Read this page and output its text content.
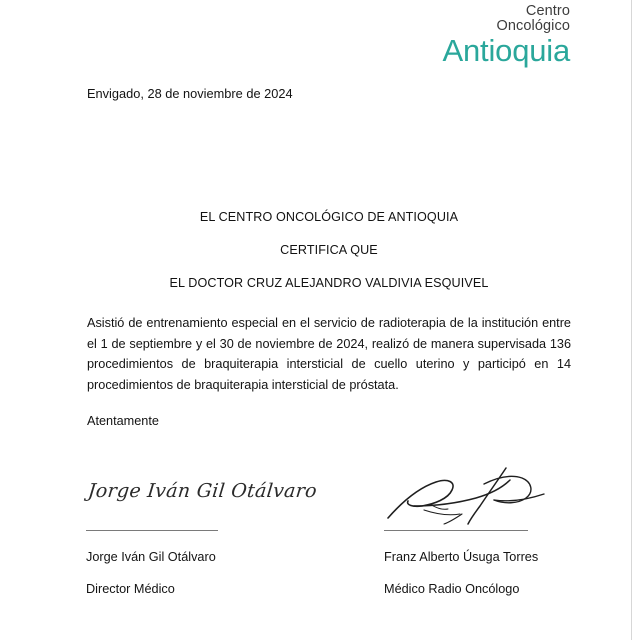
Centro
Oncológico
Antioquia
Envigado, 28 de noviembre de 2024
EL CENTRO ONCOLÓGICO DE ANTIOQUIA
CERTIFICA QUE
EL DOCTOR CRUZ ALEJANDRO VALDIVIA ESQUIVEL
Asistió de entrenamiento especial en el servicio de radioterapia de la institución entre el 1 de septiembre y el 30 de noviembre de 2024, realizó de manera supervisada 136 procedimientos de braquiterapia intersticial de cuello uterino y participó en 14 procedimientos de braquiterapia intersticial de próstata.
Atentamente
Jorge Iván Gil Otálvaro
Jorge Iván Gil Otálvaro
Director Médico
Franz Alberto Úsuga Torres
Médico Radio Oncólogo
